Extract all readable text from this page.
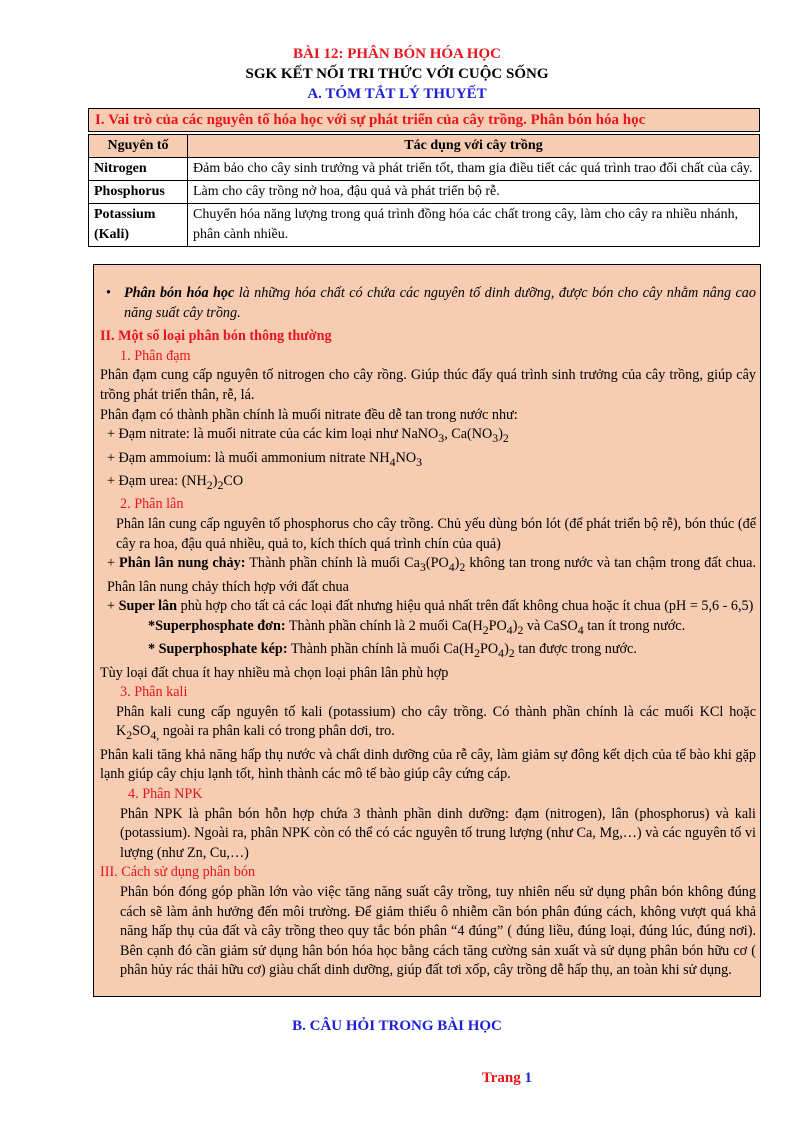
BÀI 12: PHÂN BÓN HÓA HỌC
SGK KẾT NỐI TRI THỨC VỚI CUỘC SỐNG
A. TÓM TẮT LÝ THUYẾT
I. Vai trò của các nguyên tố hóa học với sự phát triển của cây trồng. Phân bón hóa học
Nguyên tố	Tác dụng với cây trồng
Nitrogen	Đảm bảo cho cây sinh trưởng và phát triển tốt, tham gia điều tiết các quá trình trao đổi chất của cây.
Phosphorus	Làm cho cây trồng nở hoa, đậu quả và phát triển bộ rễ.
Potassium (Kali)	Chuyển hóa năng lượng trong quá trình đồng hóa các chất trong cây, làm cho cây ra nhiều nhánh, phân cành nhiều.

• Phân bón hóa học là những hóa chất có chứa các nguyên tố dinh dưỡng, được bón cho cây nhằm nâng cao năng suất cây trồng.

II. Một số loại phân bón thông thường

1. Phân đạm

Phân đạm cung cấp nguyên tố nitrogen cho cây rồng. Giúp thúc đẩy quá trình sinh trưởng của cây trồng, giúp cây trồng phát triển thân, rễ, lá.

Phân đạm có thành phần chính là muối nitrate đều dễ tan trong nước như:

+ Đạm nitrate: là muối nitrate của các kim loại như NaNO$_3$, $Ca(NO_3)_2$

+ Đạm ammoium: là muối ammonium nitrate $NH_4NO_3$

+ Đạm urea: $(NH_2)_2CO$

2. Phân lân

Phân lân cung cấp nguyên tố phosphorus cho cây trồng. Chủ yếu dùng bón lót (để phát triển bộ rễ), bón thúc (để cây ra hoa, đậu quả nhiều, quả to, kích thích quá trình chín của quả)

+ Phân lân nung chảy: Thành phần chính là muối $Ca_3(PO_4)_2$ không tan trong nước và tan chậm trong đất chua. Phân lân nung chảy thích hợp với đất chua

+ Super lân phù hợp cho tất cả các loại đất nhưng hiệu quả nhất trên đất không chua hoặc ít chua (pH = 5,6 - 6,5)

*Superphosphate đơn: Thành phần chính là 2 muối $Ca(H_2PO_4)_2$ và CaSO$_4$ tan ít trong nước.

* Superphosphate kép: Thành phần chính là muối $Ca(H_2PO_4)_2$ tan được trong nước.

Tùy loại đất chua ít hay nhiều mà chọn loại phân lân phù hợp

3. Phân kali

Phân kali cung cấp nguyên tố kali (potassium) cho cây trồng. Có thành phần chính là các muối KCl hoặc $K_2SO_{4,}$ ngoài ra phân kali có trong phân dơi, tro.

Phân kali tăng khả năng hấp thụ nước và chất dinh dưỡng của rễ cây, làm giảm sự đông kết dịch của tế bào khi gặp lạnh giúp cây chịu lạnh tốt, hình thành các mô tế bào giúp cây cứng cáp.

4. Phân NPK

Phân NPK là phân bón hỗn hợp chứa 3 thành phần dinh dưỡng: đạm (nitrogen), lân (phosphorus) và kali (potassium). Ngoài ra, phân NPK còn có thể có các nguyên tố trung lượng (như Ca, Mg,…) và các nguyên tố vi lượng (như Zn, Cu,…)

III. Cách sử dụng phân bón

Phân bón đóng góp phần lớn vào việc tăng năng suất cây trồng, tuy nhiên nếu sử dụng phân bón không đúng cách sẽ làm ảnh hưởng đến môi trường. Để giảm thiểu ô nhiễm cần bón phân đúng cách, không vượt quá khả năng hấp thụ của đất và cây trồng theo quy tắc bón phân “4 đúng” ( đúng liều, đúng loại, đúng lúc, đúng nơi). Bên cạnh đó cần giảm sử dụng hân bón hóa học bằng cách tăng cường sản xuất và sử dụng phân bón hữu cơ ( phân hủy rác thải hữu cơ) giàu chất dinh dưỡng, giúp đất tơi xốp, cây trồng dễ hấp thụ, an toàn khi sử dụng.

B. CÂU HỎI TRONG BÀI HỌC
Trang 1
